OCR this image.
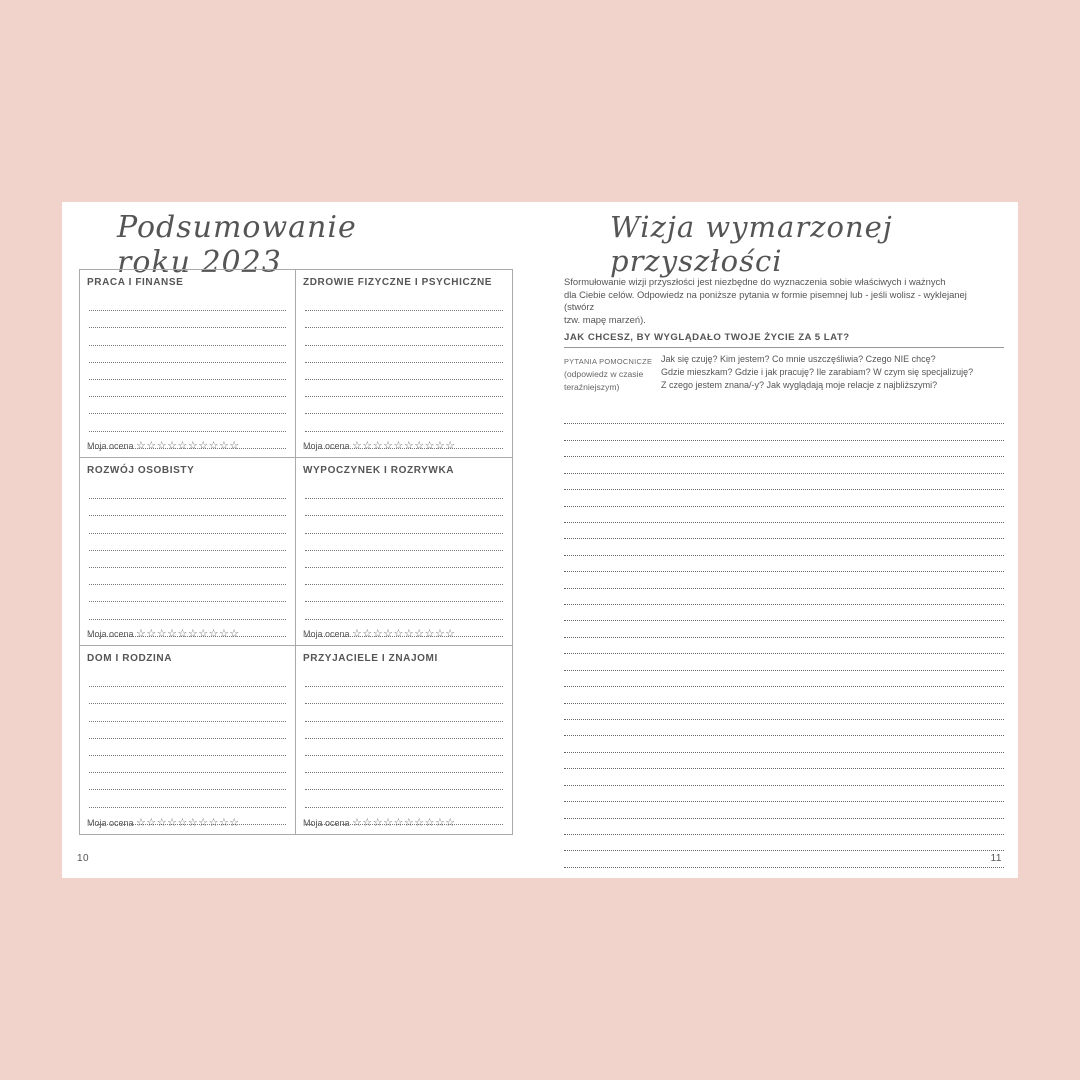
Podsumowanie roku 2023
PRACA I FINANSE
Moja ocena ☆☆☆☆☆☆☆☆☆☆
ZDROWIE FIZYCZNE I PSYCHICZNE
Moja ocena ☆☆☆☆☆☆☆☆☆☆
ROZWÓJ OSOBISTY
Moja ocena ☆☆☆☆☆☆☆☆☆☆
WYPOCZYNEK I ROZRYWKA
Moja ocena ☆☆☆☆☆☆☆☆☆☆
DOM I RODZINA
Moja ocena ☆☆☆☆☆☆☆☆☆☆
PRZYJACIELE I ZNAJOMI
Moja ocena ☆☆☆☆☆☆☆☆☆☆
10
Wizja wymarzonej przyszłości

Sformułowanie wizji przyszłości jest niezbędne do wyznaczenia sobie właściwych i ważnych

dla Ciebie celów. Odpowiedz na poniższe pytania w formie pisemnej lub - jeśli wolisz - wyklejanej (stwórz

tzw. mapę marzeń).

JAK CHCESZ, BY WYGLĄDAŁO TWOJE ŻYCIE ZA 5 LAT?
PYTANIA POMOCNICZE
(odpowiedz w czasie
teraźniejszym)

Jak się czuję? Kim jestem? Co mnie uszczęśliwia? Czego NIE chcę?

Gdzie mieszkam? Gdzie i jak pracuję? Ile zarabiam? W czym się specjalizuję?

Z czego jestem znana/-y? Jak wyglądają moje relacje z najbliższymi?

11
